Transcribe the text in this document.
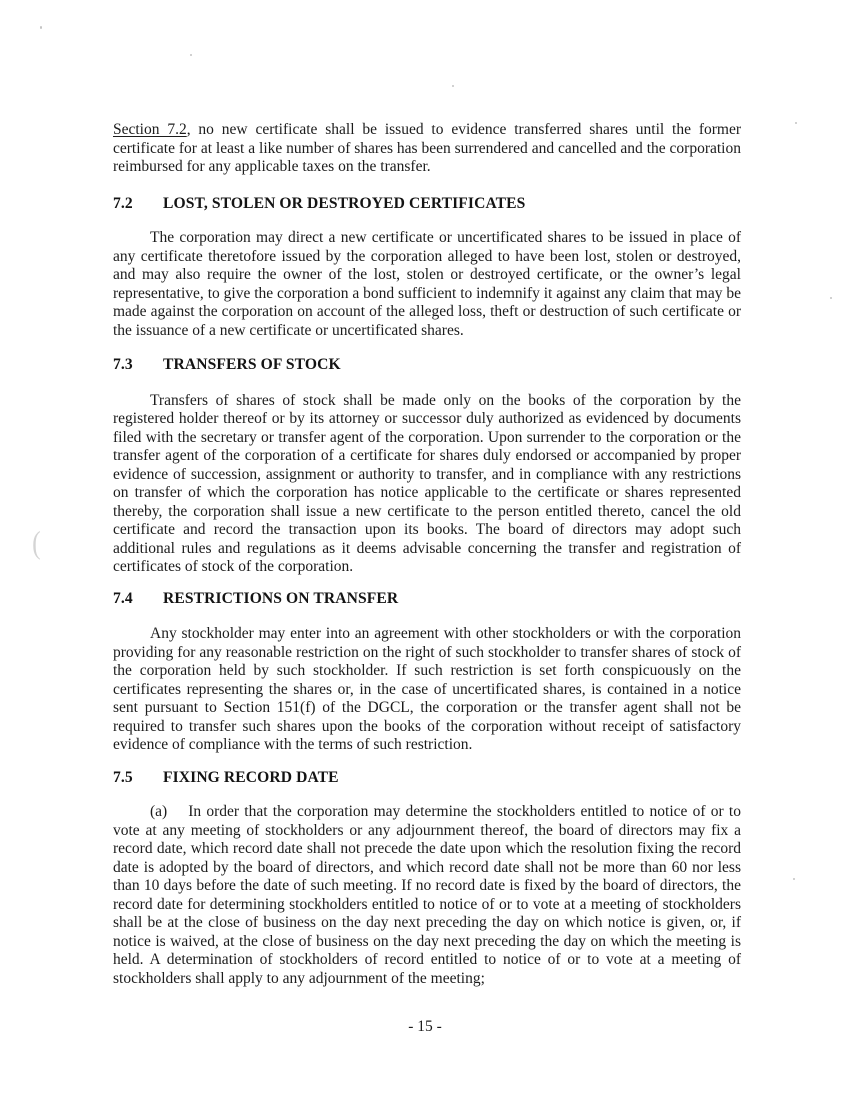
Section 7.2, no new certificate shall be issued to evidence transferred shares until the former certificate for at least a like number of shares has been surrendered and cancelled and the corporation reimbursed for any applicable taxes on the transfer.

7.2	LOST, STOLEN OR DESTROYED CERTIFICATES

The corporation may direct a new certificate or uncertificated shares to be issued in place of any certificate theretofore issued by the corporation alleged to have been lost, stolen or destroyed, and may also require the owner of the lost, stolen or destroyed certificate, or the owner’s legal representative, to give the corporation a bond sufficient to indemnify it against any claim that may be made against the corporation on account of the alleged loss, theft or destruction of such certificate or the issuance of a new certificate or uncertificated shares.

7.3	TRANSFERS OF STOCK

Transfers of shares of stock shall be made only on the books of the corporation by the registered holder thereof or by its attorney or successor duly authorized as evidenced by documents filed with the secretary or transfer agent of the corporation. Upon surrender to the corporation or the transfer agent of the corporation of a certificate for shares duly endorsed or accompanied by proper evidence of succession, assignment or authority to transfer, and in compliance with any restrictions on transfer of which the corporation has notice applicable to the certificate or shares represented thereby, the corporation shall issue a new certificate to the person entitled thereto, cancel the old certificate and record the transaction upon its books. The board of directors may adopt such additional rules and regulations as it deems advisable concerning the transfer and registration of certificates of stock of the corporation.

7.4	RESTRICTIONS ON TRANSFER

Any stockholder may enter into an agreement with other stockholders or with the corporation providing for any reasonable restriction on the right of such stockholder to transfer shares of stock of the corporation held by such stockholder. If such restriction is set forth conspicuously on the certificates representing the shares or, in the case of uncertificated shares, is contained in a notice sent pursuant to Section 151(f) of the DGCL, the corporation or the transfer agent shall not be required to transfer such shares upon the books of the corporation without receipt of satisfactory evidence of compliance with the terms of such restriction.

7.5	FIXING RECORD DATE

(a) In order that the corporation may determine the stockholders entitled to notice of or to vote at any meeting of stockholders or any adjournment thereof, the board of directors may fix a record date, which record date shall not precede the date upon which the resolution fixing the record date is adopted by the board of directors, and which record date shall not be more than 60 nor less than 10 days before the date of such meeting. If no record date is fixed by the board of directors, the record date for determining stockholders entitled to notice of or to vote at a meeting of stockholders shall be at the close of business on the day next preceding the day on which notice is given, or, if notice is waived, at the close of business on the day next preceding the day on which the meeting is held. A determination of stockholders of record entitled to notice of or to vote at a meeting of stockholders shall apply to any adjournment of the meeting;

(
- 15 -
